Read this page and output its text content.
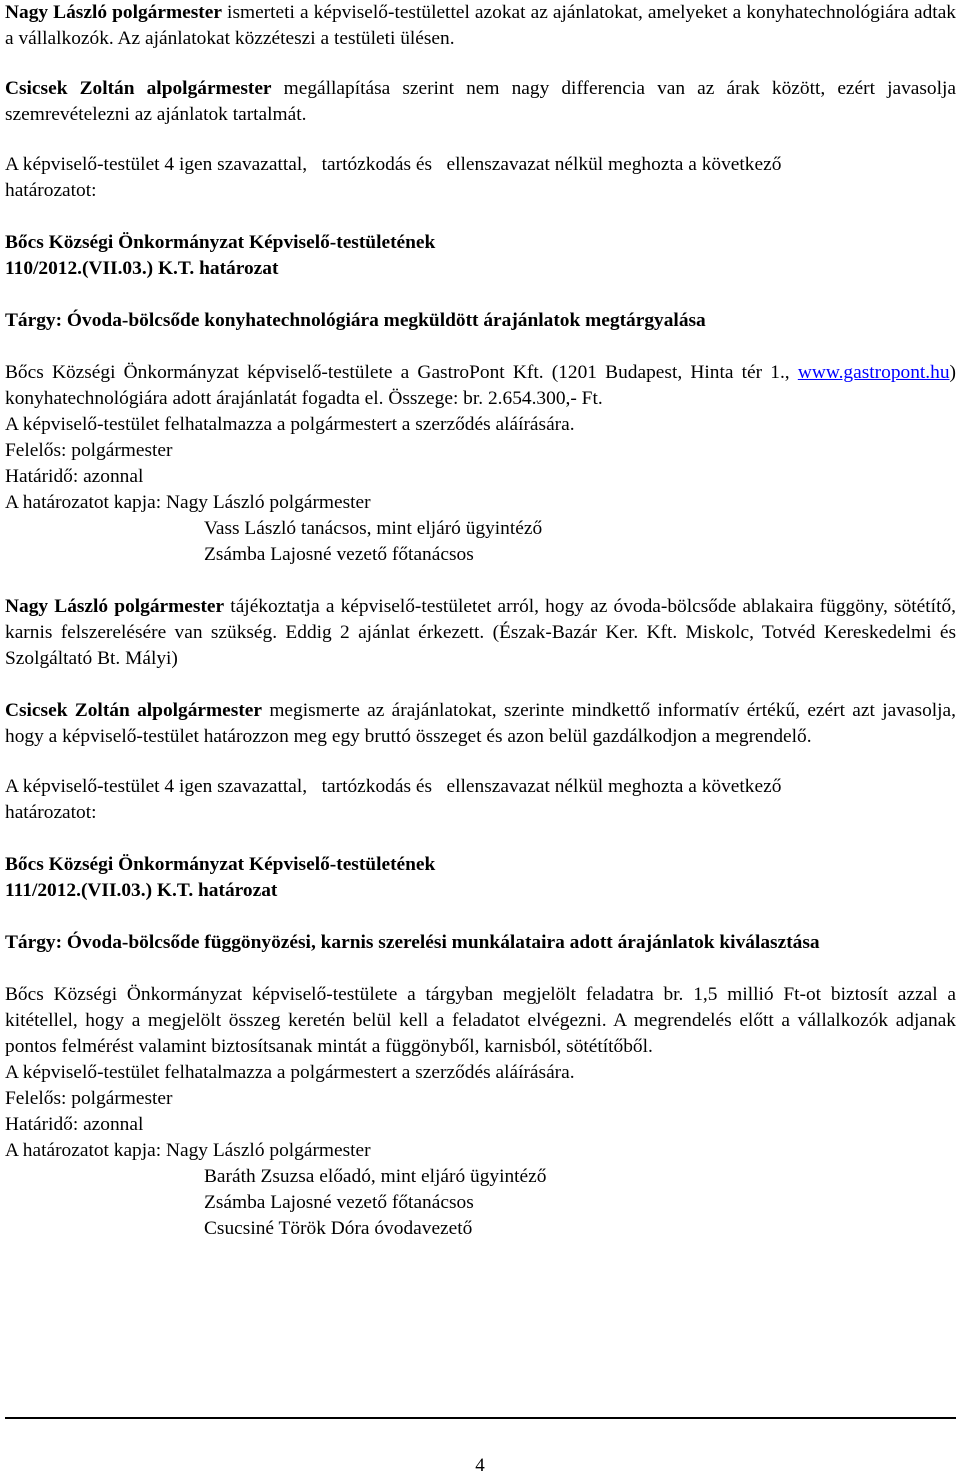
Nagy László polgármester ismerteti a képviselő-testülettel azokat az ajánlatokat, amelyeket a konyhatechnológiára adtak a vállalkozók. Az ajánlatokat közzéteszi a testületi ülésen.

Csicsek Zoltán alpolgármester megállapítása szerint nem nagy differencia van az árak között, ezért javasolja szemrevételezni az ajánlatok tartalmát.

A képviselő-testület 4 igen szavazattal,   tartózkodás és   ellenszavazat nélkül meghozta a következő
határozatot:

Bőcs Községi Önkormányzat Képviselő-testületének
110/2012.(VII.03.) K.T. határozat

Tárgy: Óvoda-bölcsőde konyhatechnológiára megküldött árajánlatok megtárgyalása

Bőcs Községi Önkormányzat képviselő-testülete a GastroPont Kft. (1201 Budapest, Hinta tér 1., www.gastropont.hu) konyhatechnológiára adott árajánlatát fogadta el. Összege: br. 2.654.300,- Ft.

A képviselő-testület felhatalmazza a polgármestert a szerződés aláírására.

Felelős: polgármester

Határidő: azonnal

A határozatot kapja: Nagy László polgármester

Vass László tanácsos, mint eljáró ügyintéző

Zsámba Lajosné vezető főtanácsos

Nagy László polgármester tájékoztatja a képviselő-testületet arról, hogy az óvoda-bölcsőde ablakaira függöny, sötétítő, karnis felszerelésére van szükség. Eddig 2 ajánlat érkezett. (Észak-Bazár Ker. Kft. Miskolc, Totvéd Kereskedelmi és Szolgáltató Bt. Mályi)

Csicsek Zoltán alpolgármester megismerte az árajánlatokat, szerinte mindkettő informatív értékű, ezért azt javasolja, hogy a képviselő-testület határozzon meg egy bruttó összeget és azon belül gazdálkodjon a megrendelő.

A képviselő-testület 4 igen szavazattal,   tartózkodás és   ellenszavazat nélkül meghozta a következő
határozatot:

Bőcs Községi Önkormányzat Képviselő-testületének
111/2012.(VII.03.) K.T. határozat

Tárgy: Óvoda-bölcsőde függönyözési, karnis szerelési munkálataira adott árajánlatok kiválasztása

Bőcs Községi Önkormányzat képviselő-testülete a tárgyban megjelölt feladatra br. 1,5 millió Ft-ot biztosít azzal a kitétellel, hogy a megjelölt összeg keretén belül kell a feladatot elvégezni. A megrendelés előtt a vállalkozók adjanak pontos felmérést valamint biztosítsanak mintát a függönyből, karnisból, sötétítőből.

A képviselő-testület felhatalmazza a polgármestert a szerződés aláírására.

Felelős: polgármester

Határidő: azonnal

A határozatot kapja: Nagy László polgármester

Baráth Zsuzsa előadó, mint eljáró ügyintéző

Zsámba Lajosné vezető főtanácsos

Csucsiné Török Dóra óvodavezető

4
